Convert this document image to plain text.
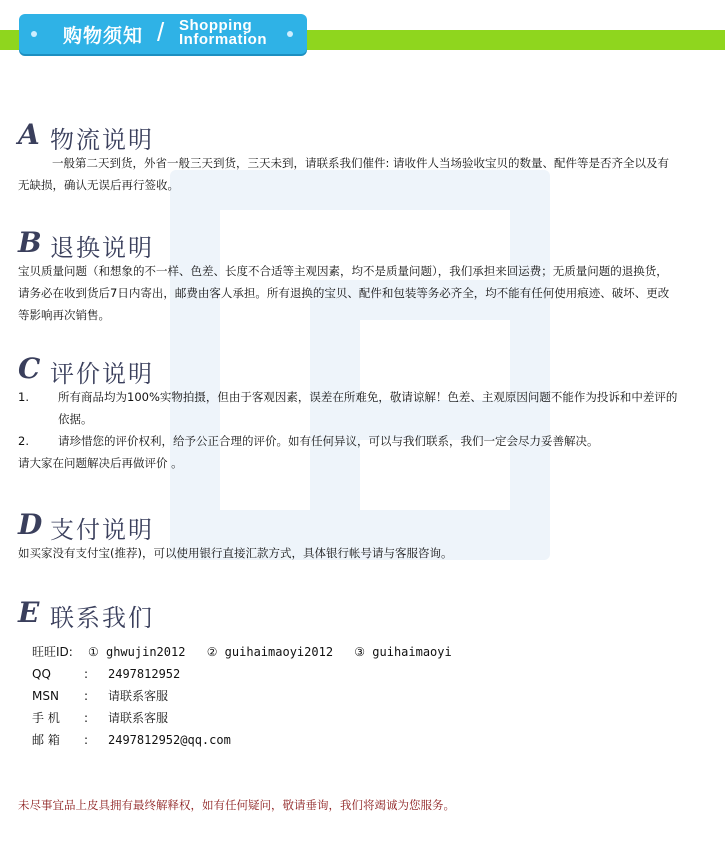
购物须知 / Shopping
Information
A 物流说明

一般第二天到货，外省一般三天到货，三天未到，请联系我们催件: 请收件人当场验收宝贝的数量、配件等是否齐全以及有无缺损，确认无误后再行签收。

B 退换说明

宝贝质量问题（和想象的不一样、色差、长度不合适等主观因素，均不是质量问题），我们承担来回运费；无质量问题的退换货，请务必在收到货后7日内寄出，邮费由客人承担。所有退换的宝贝、配件和包装等务必齐全，均不能有任何使用痕迹、破坏、更改等影响再次销售。

C 评价说明
1.	所有商品均为100%实物拍摄，但由于客观因素，误差在所难免，敬请谅解！色差、主观原因问题不能作为投诉和中差评的依据。
2.	请珍惜您的评价权利，给予公正合理的评价。如有任何异议，可以与我们联系，我们一定会尽力妥善解决。

请大家在问题解决后再做评价 。

D 支付说明

如买家没有支付宝(推荐)，可以使用银行直接汇款方式，具体银行帐号请与客服咨询。

E 联系我们
旺旺ID:	① ghwujin2012 ② guihaimaoyi2012 ③ guihaimaoyi
QQ	:	2497812952
MSN	:	请联系客服
手 机	:	请联系客服
邮 箱	:	2497812952@qq.com
未尽事宜品上皮具拥有最终解释权，如有任何疑问，敬请垂询，我们将竭诚为您服务。
